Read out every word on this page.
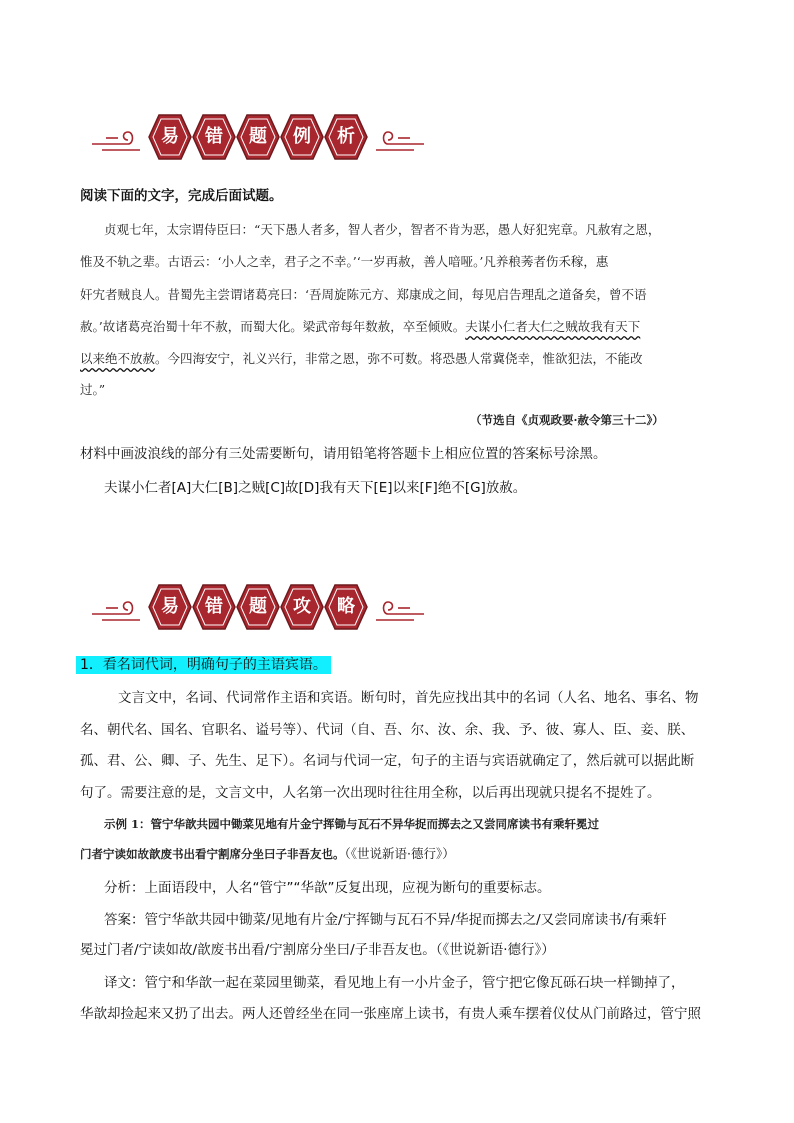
易	错	题	例	析
阅读下面的文字，完成后面试题。
贞观七年，太宗谓侍臣曰：“天下愚人者多，智人者少，智者不肯为恶，愚人好犯宪章。凡赦宥之恩，
惟及不轨之辈。古语云：‘小人之幸，君子之不幸。’‘一岁再赦，善人喑哑。’凡养稂莠者伤禾稼，惠
奸宄者贼良人。昔蜀先主尝谓诸葛亮曰：‘吾周旋陈元方、郑康成之间，每见启告理乱之道备矣，曾不语
赦。’故诸葛亮治蜀十年不赦，而蜀大化。梁武帝每年数赦，卒至倾败。夫谋小仁者大仁之贼故我有天下
以来绝不放赦。今四海安宁，礼义兴行，非常之恩，弥不可数。将恐愚人常冀侥幸，惟欲犯法，不能改
过。”
（节选自《贞观政要·赦令第三十二》）
材料中画波浪线的部分有三处需要断句，请用铅笔将答题卡上相应位置的答案标号涂黑。
夫谋小仁者[A]大仁[B]之贼[C]故[D]我有天下[E]以来[F]绝不[G]放赦。
易	错	题	攻	略
1．看名词代词，明确句子的主语宾语。
文言文中，名词、代词常作主语和宾语。断句时，首先应找出其中的名词（人名、地名、事名、物
名、朝代名、国名、官职名、谥号等）、代词（自、吾、尔、汝、余、我、予、彼、寡人、臣、妾、朕、
孤、君、公、卿、子、先生、足下）。名词与代词一定，句子的主语与宾语就确定了，然后就可以据此断
句了。需要注意的是，文言文中，人名第一次出现时往往用全称，以后再出现就只提名不提姓了。
示例 1：管宁华歆共园中锄菜见地有片金宁挥锄与瓦石不异华捉而掷去之又尝同席读书有乘轩冕过
门者宁读如故歆废书出看宁割席分坐曰子非吾友也。（《世说新语·德行》）
分析：上面语段中，人名“管宁”“华歆”反复出现，应视为断句的重要标志。
答案：管宁华歆共园中锄菜/见地有片金/宁挥锄与瓦石不异/华捉而掷去之/又尝同席读书/有乘轩
冕过门者/宁读如故/歆废书出看/宁割席分坐曰/子非吾友也。（《世说新语·德行》）
译文：管宁和华歆一起在菜园里锄菜，看见地上有一小片金子，管宁把它像瓦砾石块一样锄掉了，
华歆却捡起来又扔了出去。两人还曾经坐在同一张座席上读书，有贵人乘车摆着仪仗从门前路过，管宁照
